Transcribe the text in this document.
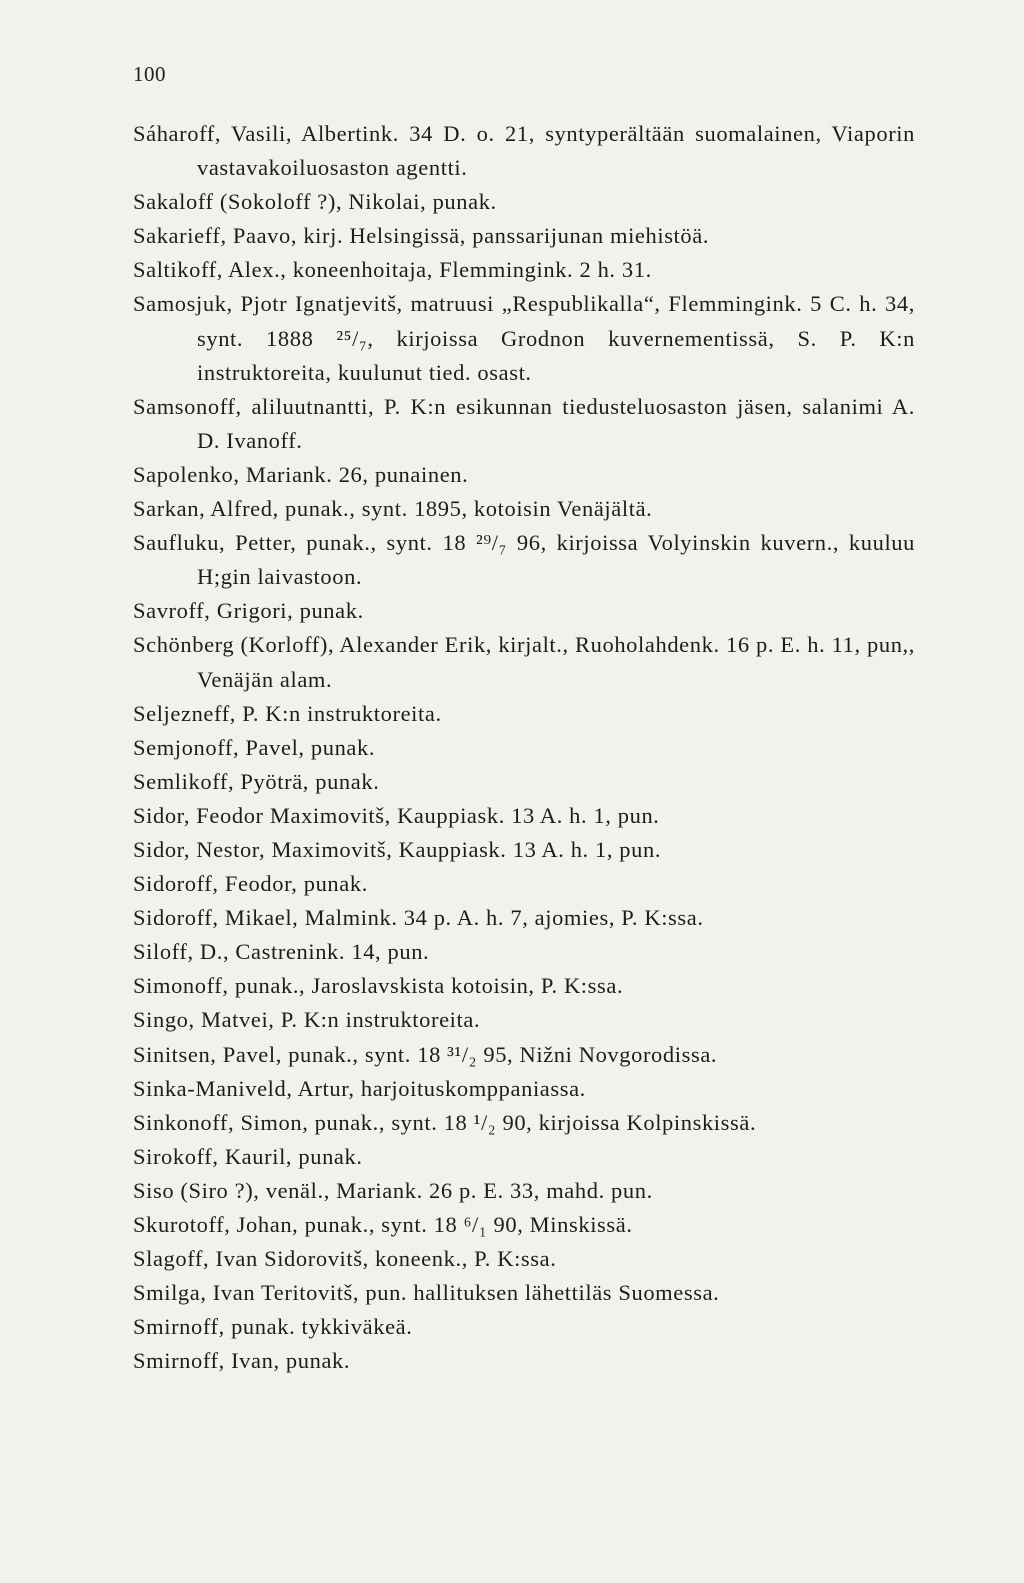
100
Sáharoff, Vasili, Albertink. 34 D. o. 21, syntyperältään suomalainen, Viaporin vastavakoiluosaston agentti.
Sakaloff (Sokoloff ?), Nikolai, punak.
Sakarieff, Paavo, kirj. Helsingissä, panssarijunan miehistöä.
Saltikoff, Alex., koneenhoitaja, Flemmingink. 2 h. 31.
Samosjuk, Pjotr Ignatjevitš, matruusi „Respublikalla“, Flemmingink. 5 C. h. 34, synt. 1888 ²⁵/₇, kirjoissa Grodnon kuvernementissä, S. P. K:n instruktoreita, kuulunut tied. osast.
Samsonoff, aliluutnantti, P. K:n esikunnan tiedusteluosaston jäsen, salanimi A. D. Ivanoff.
Sapolenko, Mariank. 26, punainen.
Sarkan, Alfred, punak., synt. 1895, kotoisin Venäjältä.
Saufluku, Petter, punak., synt. 18 ²⁹/₇ 96, kirjoissa Volyinskin kuvern., kuuluu H;gin laivastoon.
Savroff, Grigori, punak.
Schönberg (Korloff), Alexander Erik, kirjalt., Ruoholahdenk. 16 p. E. h. 11, pun,, Venäjän alam.
Seljezneff, P. K:n instruktoreita.
Semjonoff, Pavel, punak.
Semlikoff, Pyöträ, punak.
Sidor, Feodor Maximovitš, Kauppiask. 13 A. h. 1, pun.
Sidor, Nestor, Maximovitš, Kauppiask. 13 A. h. 1, pun.
Sidoroff, Feodor, punak.
Sidoroff, Mikael, Malmink. 34 p. A. h. 7, ajomies, P. K:ssa.
Siloff, D., Castrenink. 14, pun.
Simonoff, punak., Jaroslavskista kotoisin, P. K:ssa.
Singo, Matvei, P. K:n instruktoreita.
Sinitsen, Pavel, punak., synt. 18 ³¹/₂ 95, Nižni Novgorodissa.
Sinka-Maniveld, Artur, harjoituskomppaniassa.
Sinkonoff, Simon, punak., synt. 18 ¹/₂ 90, kirjoissa Kolpinskissä.
Sirokoff, Kauril, punak.
Siso (Siro ?), venäl., Mariank. 26 p. E. 33, mahd. pun.
Skurotoff, Johan, punak., synt. 18 ⁶/₁ 90, Minskissä.
Slagoff, Ivan Sidorovitš, koneenk., P. K:ssa.
Smilga, Ivan Teritovitš, pun. hallituksen lähettiläs Suomessa.
Smirnoff, punak. tykkiväkeä.
Smirnoff, Ivan, punak.
